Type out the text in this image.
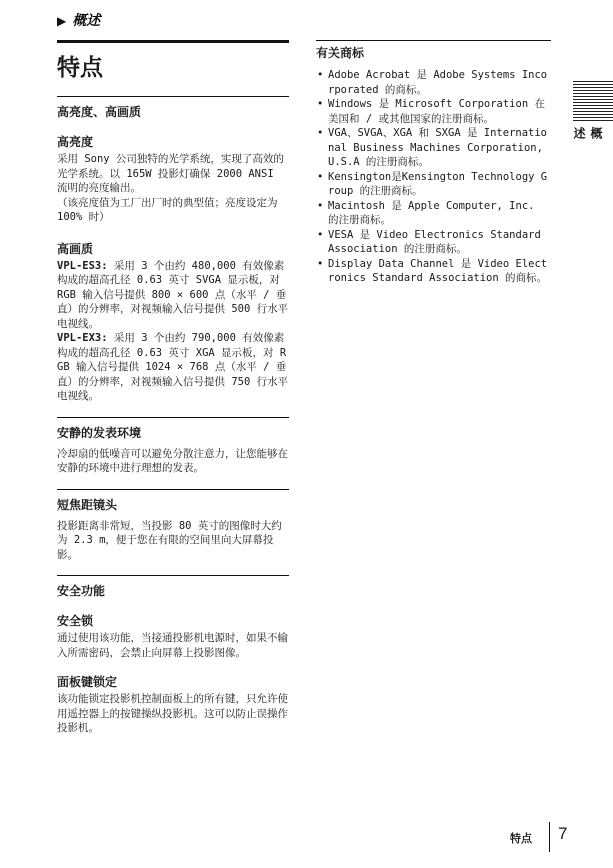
▶ 概述
特点
高亮度、高画质
高亮度
采用 Sony 公司独特的光学系统，实现了高效的光学系统。以 165W 投影灯确保 2000 ANSI 流明的亮度输出。
（该亮度值为工厂出厂时的典型值；亮度设定为 100% 时）
高画质
VPL-ES3: 采用 3 个由约 480,000 有效像素构成的超高孔径 0.63 英寸 SVGA 显示板，对 RGB 输入信号提供 800 × 600 点（水平 / 垂直）的分辨率，对视频输入信号提供 500 行水平电视线。
VPL-EX3: 采用 3 个由约 790,000 有效像素构成的超高孔径 0.63 英寸 XGA 显示板，对 RGB 输入信号提供 1024 × 768 点（水平 / 垂直）的分辨率，对视频输入信号提供 750 行水平电视线。
安静的发表环境
冷却扇的低噪音可以避免分散注意力，让您能够在安静的环境中进行理想的发表。
短焦距镜头
投影距离非常短，当投影 80 英寸的图像时大约为 2.3 m，便于您在有限的空间里向大屏幕投影。
安全功能
安全锁
通过使用该功能，当接通投影机电源时，如果不输入所需密码，会禁止向屏幕上投影图像。
面板键锁定
该功能锁定投影机控制面板上的所有键，只允许使用遥控器上的按键操纵投影机。这可以防止误操作投影机。
有关商标
• Adobe Acrobat 是 Adobe Systems Incorporated 的商标。
• Windows 是 Microsoft Corporation 在美国和 / 或其他国家的注册商标。
• VGA、SVGA、XGA 和 SXGA 是 International Business Machines Corporation, U.S.A 的注册商标。
• Kensington是Kensington Technology Group 的注册商标。
• Macintosh 是 Apple Computer, Inc. 的注册商标。
• VESA 是 Video Electronics Standard Association 的注册商标。
• Display Data Channel 是 Video Electronics Standard Association 的商标。
概述
特点 7
